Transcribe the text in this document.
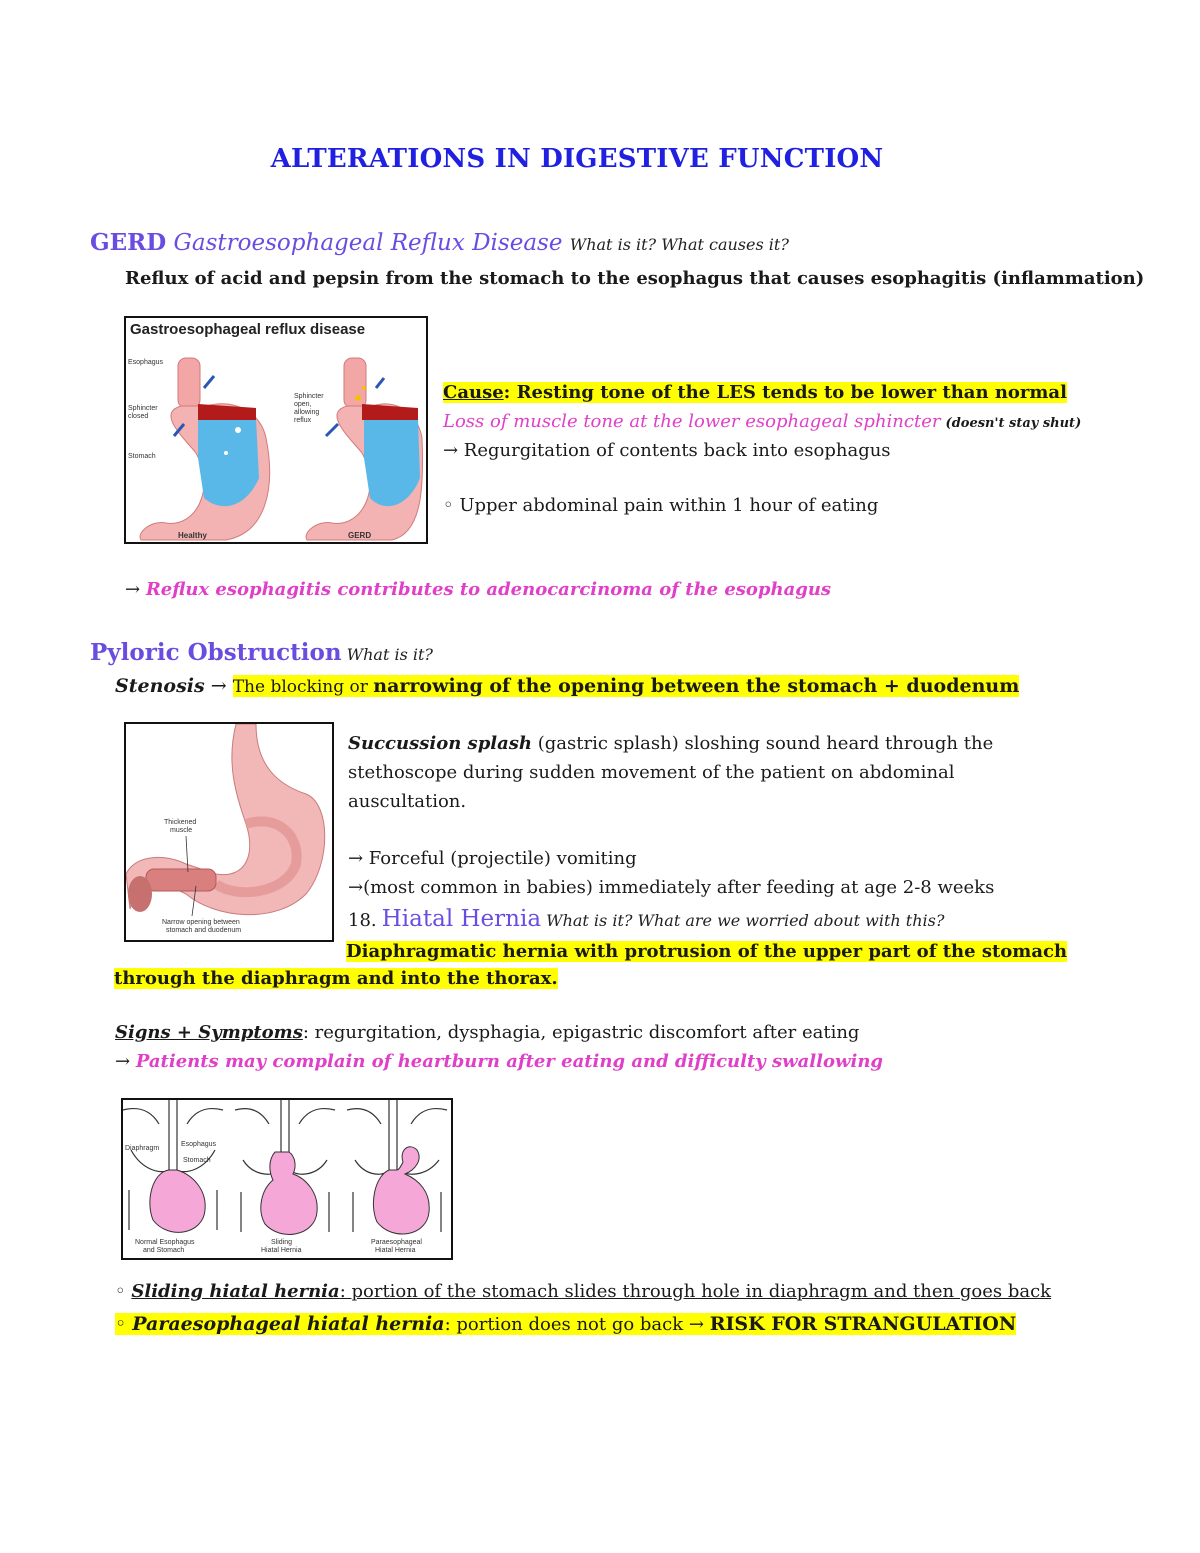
ALTERATIONS IN DIGESTIVE FUNCTION
GERD Gastroesophageal Reflux Disease What is it? What causes it?
Reflux of acid and pepsin from the stomach to the esophagus that causes esophagitis (inflammation)
Gastroesophageal reflux disease
Esophagus
Sphincter
closed
Stomach
Sphincter
open,
allowing
reflux
Healthy	GERD
Cause: Resting tone of the LES tends to be lower than normal
Loss of muscle tone at the lower esophageal sphincter (doesn't stay shut)
→ Regurgitation of contents back into esophagus
◦ Upper abdominal pain within 1 hour of eating
→ Reflux esophagitis contributes to adenocarcinoma of the esophagus
Pyloric Obstruction What is it?
Stenosis → The blocking or narrowing of the opening between the stomach + duodenum
Thickened
muscle
Narrow opening between
stomach and duodenum
Succussion splash (gastric splash) sloshing sound heard through the
stethoscope during sudden movement of the patient on abdominal
auscultation.
→ Forceful (projectile) vomiting
→(most common in babies) immediately after feeding at age 2-8 weeks
18. Hiatal Hernia What is it? What are we worried about with this?
Diaphragmatic hernia with protrusion of the upper part of the stomach
through the diaphragm and into the thorax.
Signs + Symptoms: regurgitation, dysphagia, epigastric discomfort after eating
→ Patients may complain of heartburn after eating and difficulty swallowing
Diaphragm
Esophagus
Stomach
Normal Esophagus
and Stomach
Sliding
Hiatal Hernia
Paraesophageal
Hiatal Hernia
◦ Sliding hiatal hernia: portion of the stomach slides through hole in diaphragm and then goes back
◦ Paraesophageal hiatal hernia: portion does not go back → RISK FOR STRANGULATION
